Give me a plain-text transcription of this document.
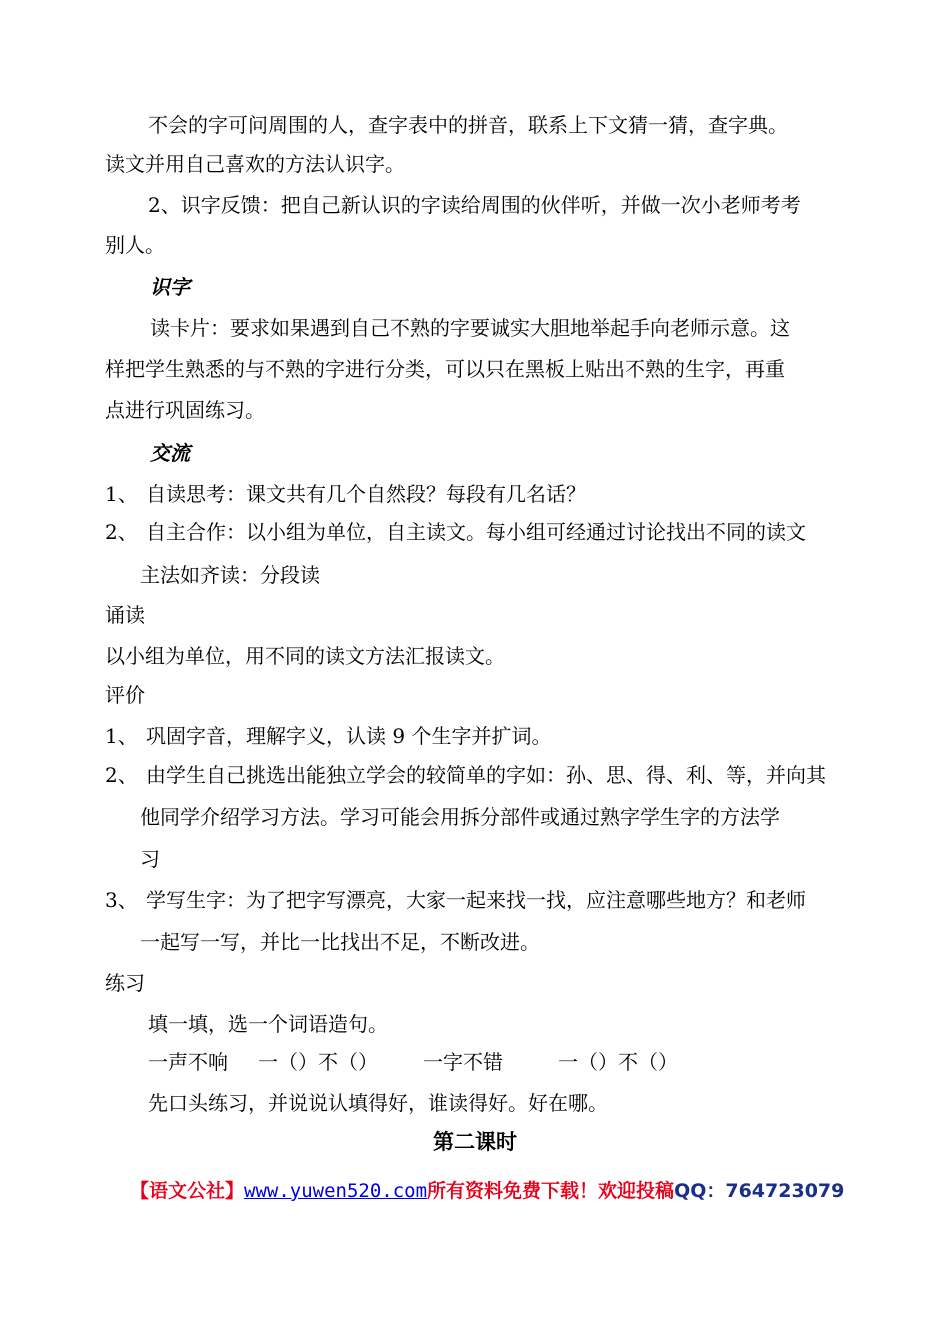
不会的字可问周围的人，查字表中的拼音，联系上下文猜一猜，查字典。
读文并用自己喜欢的方法认识字。
2、识字反馈：把自己新认识的字读给周围的伙伴听，并做一次小老师考考
别人。
识字
读卡片：要求如果遇到自己不熟的字要诚实大胆地举起手向老师示意。这
样把学生熟悉的与不熟的字进行分类，可以只在黑板上贴出不熟的生字，再重
点进行巩固练习。
交流
1、 自读思考：课文共有几个自然段？每段有几名话？
2、 自主合作：以小组为单位，自主读文。每小组可经通过讨论找出不同的读文
主法如齐读：分段读
诵读
以小组为单位，用不同的读文方法汇报读文。
评价
1、 巩固字音，理解字义，认读 9 个生字并扩词。
2、 由学生自己挑选出能独立学会的较简单的字如：孙、思、得、利、等，并向其
他同学介绍学习方法。学习可能会用拆分部件或通过熟字学生字的方法学
习
3、 学写生字：为了把字写漂亮，大家一起来找一找，应注意哪些地方？和老师
一起写一写，并比一比找出不足，不断改进。
练习
填一填，选一个词语造句。
一声不响 一（）不（） 一字不错	一（）不（）
先口头练习，并说说认填得好，谁读得好。好在哪。
第二课时
【语文公社】www.yuwen520.com所有资料免费下载！欢迎投稿QQ：764723079
